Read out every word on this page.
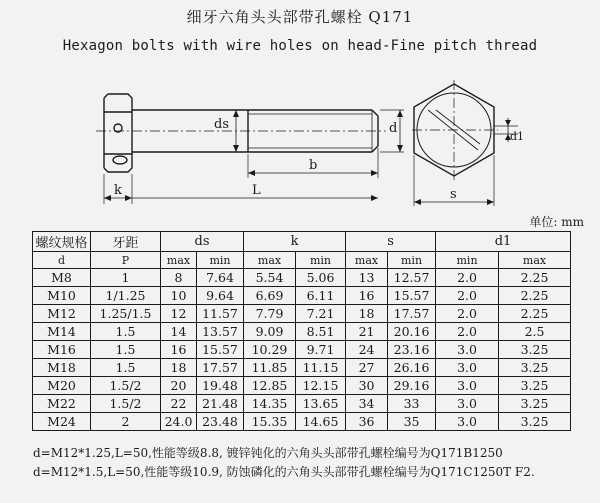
细牙六角头头部带孔螺栓 Q171
Hexagon bolts with wire holes on head-Fine pitch thread
ds	d
b
k	L
d1
s
单位: mm
螺纹规格	牙距	ds		k		s		d1	
d	P	max	min	max	min	max	min	min	max
M8	1	8	7.64	5.54	5.06	13	12.57	2.0	2.25
M10	1/1.25	10	9.64	6.69	6.11	16	15.57	2.0	2.25
M12	1.25/1.5	12	11.57	7.79	7.21	18	17.57	2.0	2.25
M14	1.5	14	13.57	9.09	8.51	21	20.16	2.0	2.5
M16	1.5	16	15.57	10.29	9.71	24	23.16	3.0	3.25
M18	1.5	18	17.57	11.85	11.15	27	26.16	3.0	3.25
M20	1.5/2	20	19.48	12.85	12.15	30	29.16	3.0	3.25
M22	1.5/2	22	21.48	14.35	13.65	34	33	3.0	3.25
M24	2	24.0	23.48	15.35	14.65	36	35	3.0	3.25
d=M12*1.25,L=50,性能等级8.8, 镀锌钝化的六角头头部带孔螺栓编号为Q171B1250
d=M12*1.5,L=50,性能等级10.9, 防蚀磷化的六角头头部带孔螺栓编号为Q171C1250T F2.
